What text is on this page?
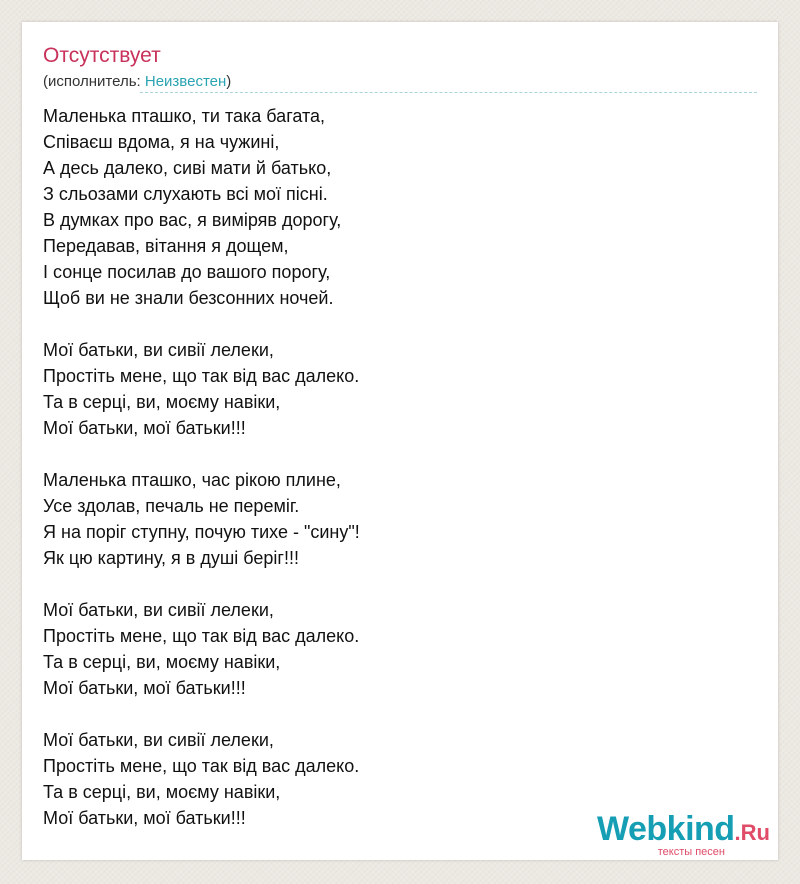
Отсутствует
(исполнитель: Неизвестен)
Маленька пташко, ти така багата,
Співаєш вдома, я на чужині,
А десь далеко, сиві мати й батько,
З сльозами слухають всі мої пісні.
В думках про вас, я виміряв дорогу,
Передавав, вітання я дощем,
І сонце посилав до вашого порогу,
Щоб ви не знали безсонних ночей.
Мої батьки, ви сивії лелеки,
Простіть мене, що так від вас далеко.
Та в серці, ви, моєму навіки,
Мої батьки, мої батьки!!!
Маленька пташко, час рікою плине,
Усе здолав, печаль не переміг.
Я на поріг ступну, почую тихе - "сину"!
Як цю картину, я в душі беріг!!!
Мої батьки, ви сивії лелеки,
Простіть мене, що так від вас далеко.
Та в серці, ви, моєму навіки,
Мої батьки, мої батьки!!!
Мої батьки, ви сивії лелеки,
Простіть мене, що так від вас далеко.
Та в серці, ви, моєму навіки,
Мої батьки, мої батьки!!!	Webkind.Ru
тексты песен
